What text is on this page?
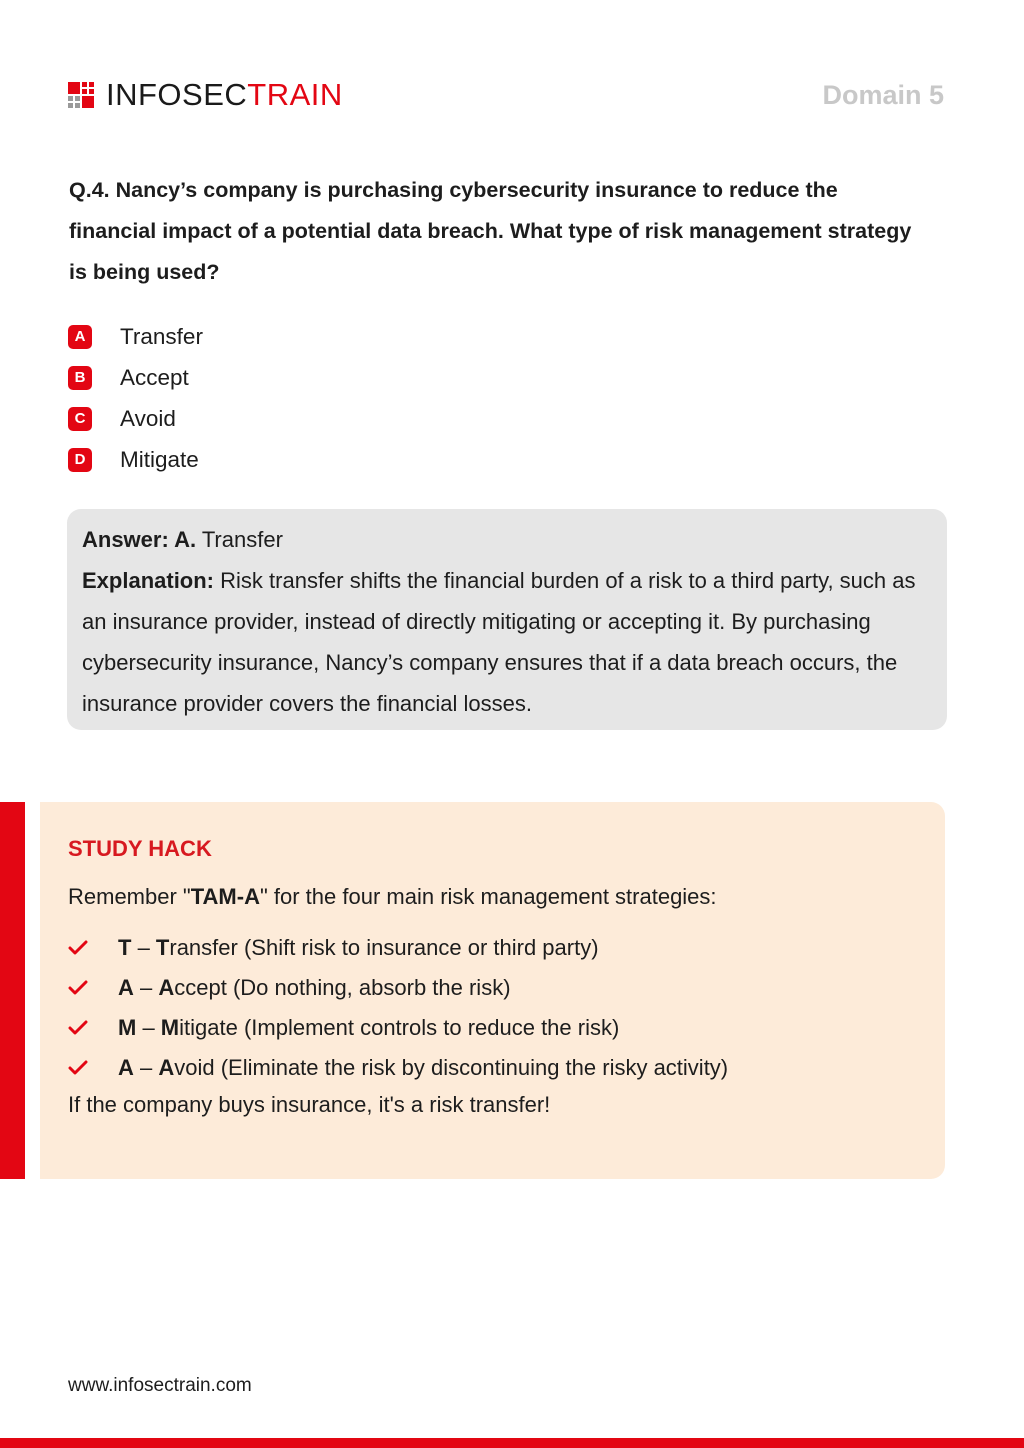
INFOSECTRAIN	Domain 5

Q.4. Nancy’s company is purchasing cybersecurity insurance to reduce the financial impact of a potential data breach. What type of risk management strategy is being used?

A Transfer
B Accept
C Avoid
D Mitigate

Answer: A. Transfer

Explanation: Risk transfer shifts the financial burden of a risk to a third party, such as an insurance provider, instead of directly mitigating or accepting it. By purchasing cybersecurity insurance, Nancy’s company ensures that if a data breach occurs, the insurance provider covers the financial losses.

STUDY HACK

Remember "TAM-A" for the four main risk management strategies:

T – Transfer (Shift risk to insurance or third party)
A – Accept (Do nothing, absorb the risk)
M – Mitigate (Implement controls to reduce the risk)
A – Avoid (Eliminate the risk by discontinuing the risky activity)

If the company buys insurance, it's a risk transfer!

www.infosectrain.com
